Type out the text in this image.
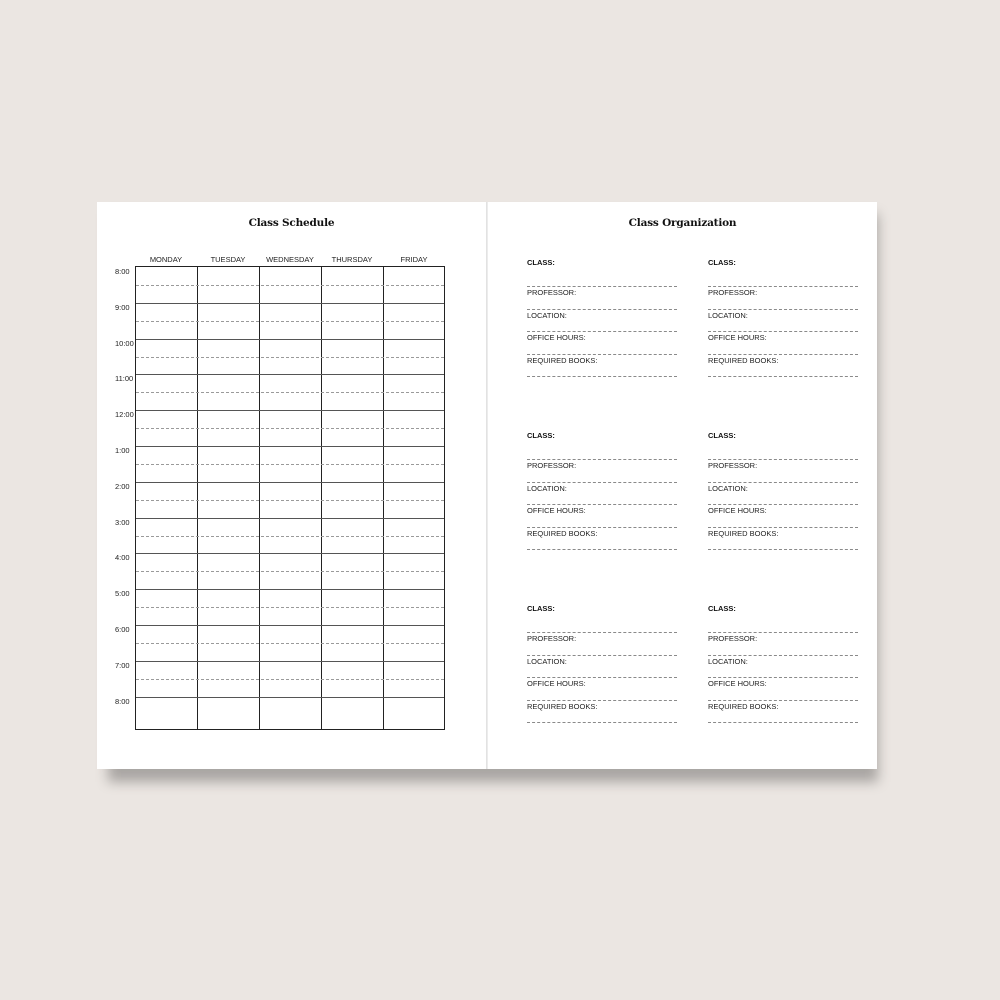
Class Schedule
MONDAY	TUESDAY	WEDNESDAY	THURSDAY	FRIDAY
8:00
9:00
10:00
11:00
12:00
1:00
2:00
3:00
4:00
5:00
6:00
7:00
8:00
Class Organization
CLASS:
PROFESSOR:
LOCATION:
OFFICE HOURS:
REQUIRED BOOKS:
CLASS:
PROFESSOR:
LOCATION:
OFFICE HOURS:
REQUIRED BOOKS:
CLASS:
PROFESSOR:
LOCATION:
OFFICE HOURS:
REQUIRED BOOKS:
CLASS:
PROFESSOR:
LOCATION:
OFFICE HOURS:
REQUIRED BOOKS:
CLASS:
PROFESSOR:
LOCATION:
OFFICE HOURS:
REQUIRED BOOKS:
CLASS:
PROFESSOR:
LOCATION:
OFFICE HOURS:
REQUIRED BOOKS:
